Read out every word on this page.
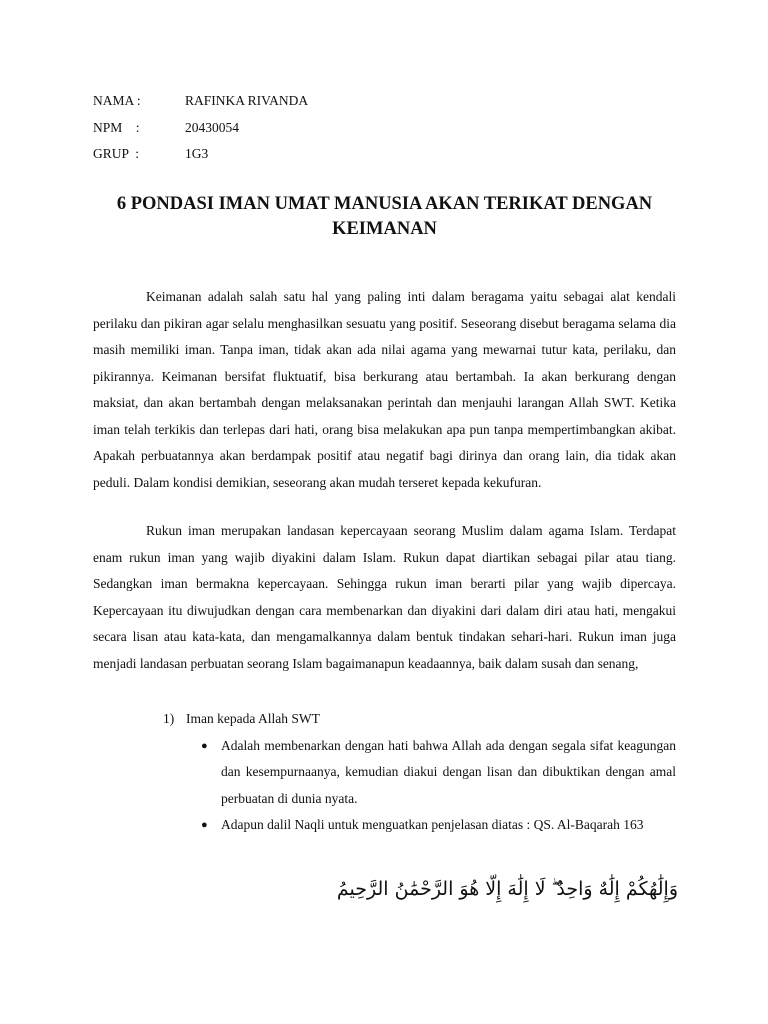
NAMA :	RAFINKA RIVANDA
NPM    :	20430054
GRUP  :	1G3
6 PONDASI IMAN UMAT MANUSIA AKAN TERIKAT DENGAN KEIMANAN

Keimanan adalah salah satu hal yang paling inti dalam beragama yaitu sebagai alat kendali perilaku dan pikiran agar selalu menghasilkan sesuatu yang positif. Seseorang disebut beragama selama dia masih memiliki iman. Tanpa iman, tidak akan ada nilai agama yang mewarnai tutur kata, perilaku, dan pikirannya. Keimanan bersifat fluktuatif, bisa berkurang atau bertambah. Ia akan berkurang dengan maksiat, dan akan bertambah dengan melaksanakan perintah dan menjauhi larangan Allah SWT. Ketika iman telah terkikis dan terlepas dari hati, orang bisa melakukan apa pun tanpa mempertimbangkan akibat. Apakah perbuatannya akan berdampak positif atau negatif bagi dirinya dan orang lain, dia tidak akan peduli. Dalam kondisi demikian, seseorang akan mudah terseret kepada kekufuran.

Rukun iman merupakan landasan kepercayaan seorang Muslim dalam agama Islam. Terdapat enam rukun iman yang wajib diyakini dalam Islam. Rukun dapat diartikan sebagai pilar atau tiang. Sedangkan iman bermakna kepercayaan. Sehingga rukun iman berarti pilar yang wajib dipercaya. Kepercayaan itu diwujudkan dengan cara membenarkan dan diyakini dari dalam diri atau hati, mengakui secara lisan atau kata-kata, dan mengamalkannya dalam bentuk tindakan sehari-hari. Rukun iman juga menjadi landasan perbuatan seorang Islam bagaimanapun keadaannya, baik dalam susah dan senang,

1) Iman kepada Allah SWT
● Adalah membenarkan dengan hati bahwa Allah ada dengan segala sifat keagungan dan kesempurnaanya, kemudian diakui dengan lisan dan dibuktikan dengan amal perbuatan di dunia nyata.
● Adapun dalil Naqli untuk menguatkan penjelasan diatas : QS. Al-Baqarah 163
وَإِلَٰهُكُمْ إِلَٰهٌ وَاحِدٌ ۖ لَا إِلَٰهَ إِلَّا هُوَ الرَّحْمَٰنُ الرَّحِيمُ
